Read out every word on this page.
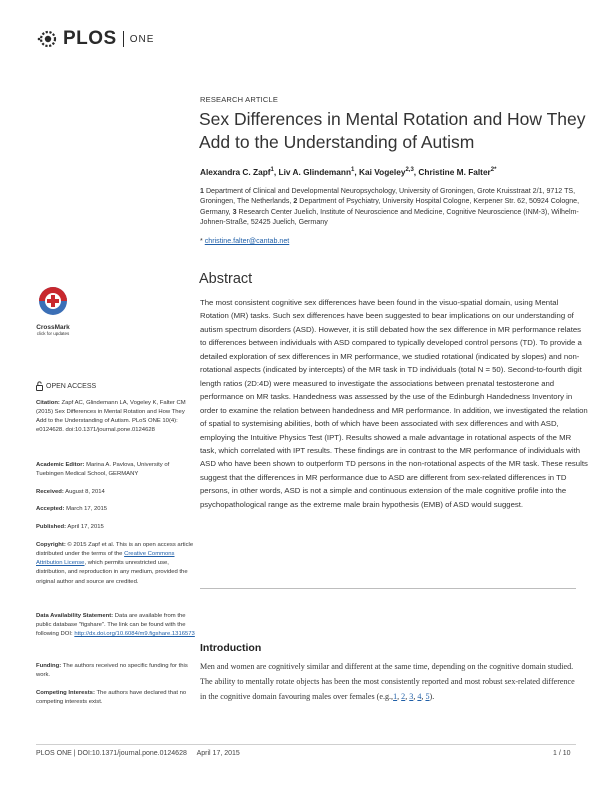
PLOS ONE
RESEARCH ARTICLE
Sex Differences in Mental Rotation and How They Add to the Understanding of Autism
Alexandra C. Zapf$^1$, Liv A. Glindemann$^1$, Kai Vogeley$^{2,3}$, Christine M. Falter$^{2*}$
1 Department of Clinical and Developmental Neuropsychology, University of Groningen, Grote Kruisstraat 2/1, 9712 TS, Groningen, The Netherlands, 2 Department of Psychiatry, University Hospital Cologne, Kerpener Str. 62, 50924 Cologne, Germany, 3 Research Center Juelich, Institute of Neuroscience and Medicine, Cognitive Neuroscience (INM-3), Wilhelm-Johnen-Straße, 52425 Juelich, Germany
* christine.falter@cantab.net
Abstract
The most consistent cognitive sex differences have been found in the visuo-spatial domain, using Mental Rotation (MR) tasks. Such sex differences have been suggested to bear implications on our understanding of autism spectrum disorders (ASD). However, it is still debated how the sex difference in MR performance relates to differences between individuals with ASD compared to typically developed control persons (TD). To provide a detailed exploration of sex differences in MR performance, we studied rotational (indicated by slopes) and non-rotational aspects (indicated by intercepts) of the MR task in TD individuals (total N = 50). Second-to-fourth digit length ratios (2D:4D) were measured to investigate the associations between prenatal testosterone and performance on MR tasks. Handedness was assessed by the use of the Edinburgh Handedness Inventory in order to examine the relation between handedness and MR performance. In addition, we investigated the relation of spatial to systemising abilities, both of which have been associated with sex differences and with ASD, employing the Intuitive Physics Test (IPT). Results showed a male advantage in rotational aspects of the MR task, which correlated with IPT results. These findings are in contrast to the MR performance of individuals with ASD who have been shown to outperform TD persons in the non-rotational aspects of the MR task. These results suggest that the differences in MR performance due to ASD are different from sex-related differences in TD persons, in other words, ASD is not a simple and continuous extension of the male cognitive profile into the psychopathological range as the extreme male brain hypothesis (EMB) of ASD would suggest.
Introduction
Men and women are cognitively similar and different at the same time, depending on the cognitive domain studied. The ability to mentally rotate objects has been the most consistently reported and most robust sex-related difference in the cognitive domain favouring males over females (e.g.,1, 2, 3, 4, 5).
CrossMark
click for updates
OPEN ACCESS
Citation: Zapf AC, Glindemann LA, Vogeley K, Falter CM (2015) Sex Differences in Mental Rotation and How They Add to the Understanding of Autism. PLoS ONE 10(4): e0124628. doi:10.1371/journal.pone.0124628
Academic Editor: Marina A. Pavlova, University of Tuebingen Medical School, GERMANY
Received: August 8, 2014
Accepted: March 17, 2015
Published: April 17, 2015
Copyright: © 2015 Zapf et al. This is an open access article distributed under the terms of the Creative Commons Attribution License, which permits unrestricted use, distribution, and reproduction in any medium, provided the original author and source are credited.
Data Availability Statement: Data are available from the public database "figshare". The link can be found with the following DOI: http://dx.doi.org/10.6084/m9.figshare.1316573
Funding: The authors received no specific funding for this work.
Competing Interests: The authors have declared that no competing interests exist.
PLOS ONE | DOI:10.1371/journal.pone.0124628 April 17, 2015	1 / 10
